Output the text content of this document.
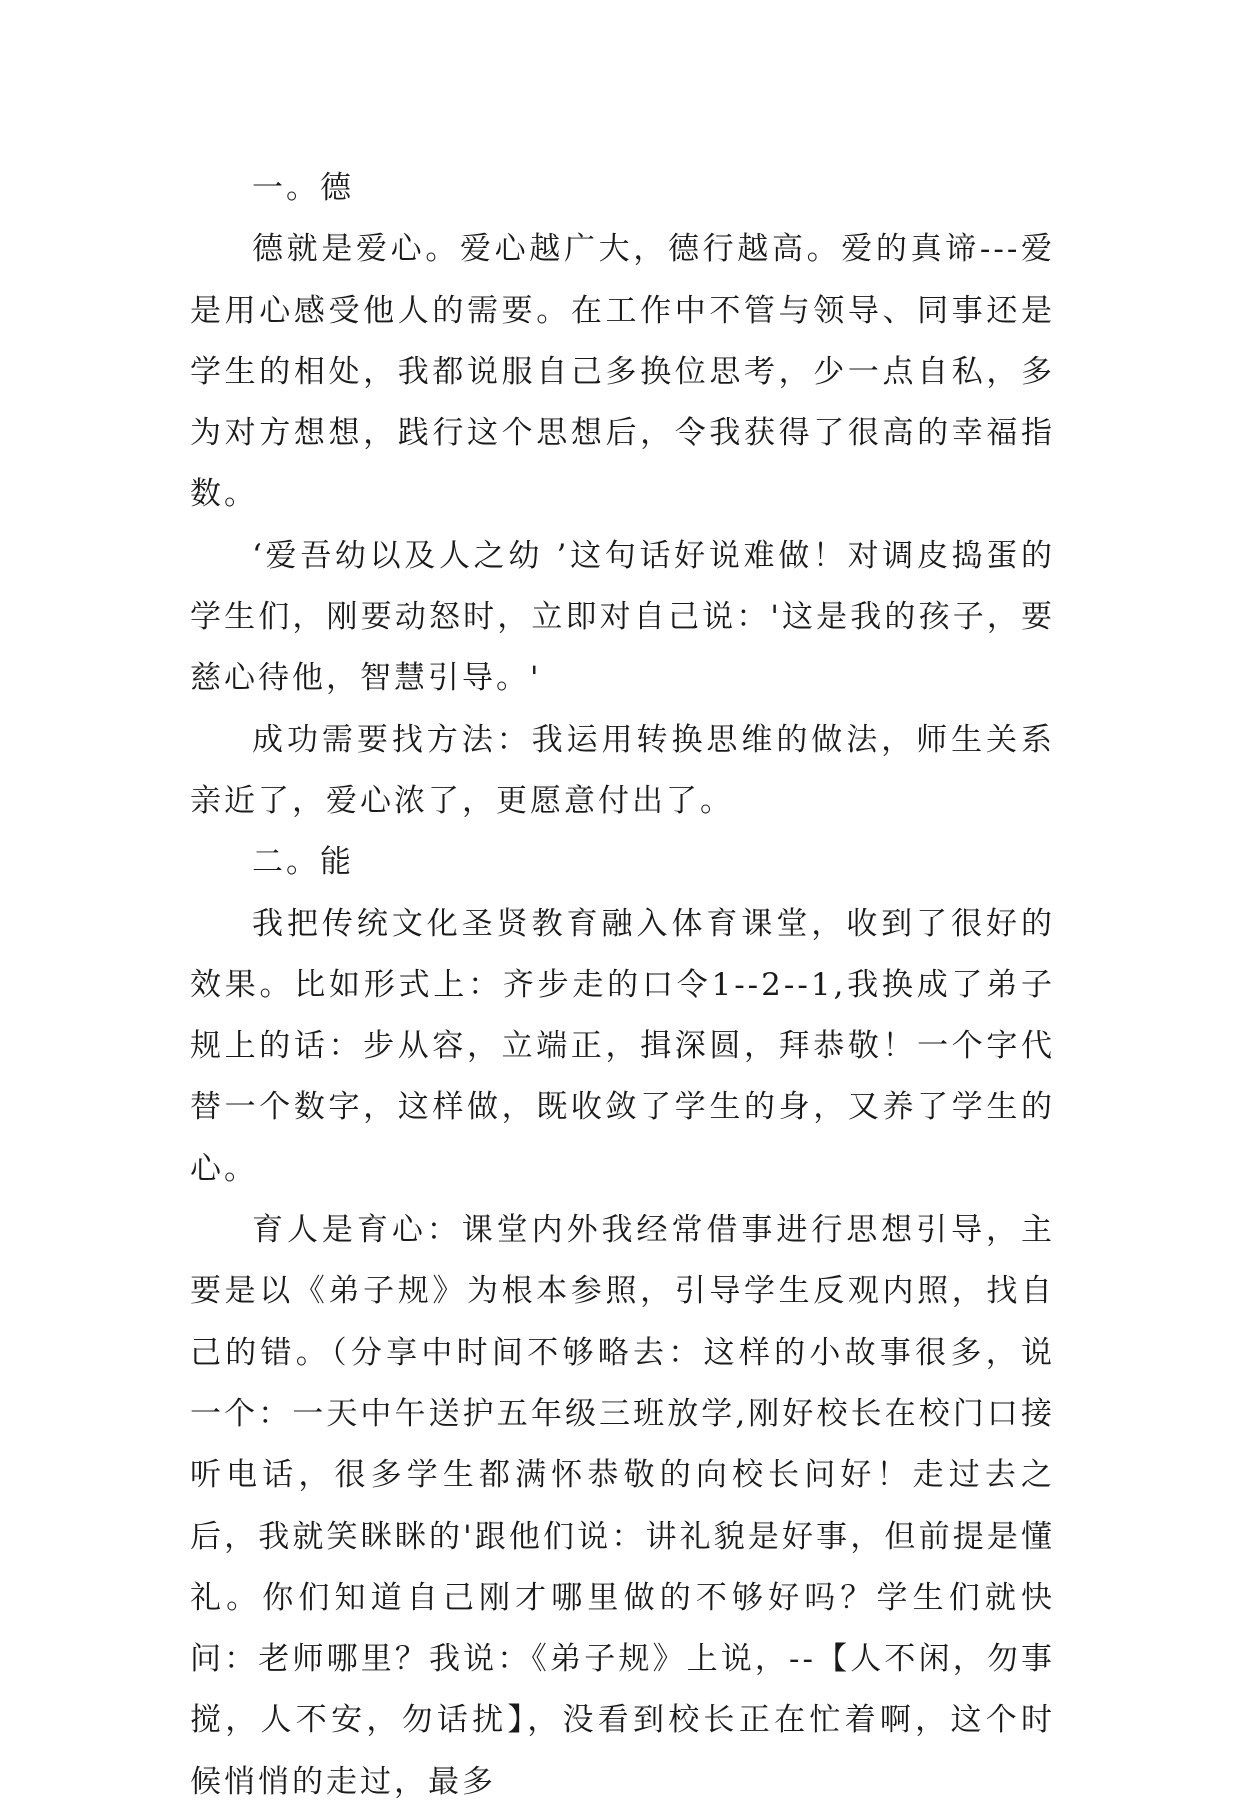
一。德

德就是爱心。爱心越广大，德行越高。爱的真谛---爱是用心感受他人的需要。在工作中不管与领导、同事还是学生的相处，我都说服自己多换位思考，少一点自私，多为对方想想，践行这个思想后，令我获得了很高的幸福指数。

‘爱吾幼以及人之幼 ’这句话好说难做！对调皮捣蛋的学生们，刚要动怒时，立即对自己说：'这是我的孩子，要慈心待他，智慧引导。'

成功需要找方法：我运用转换思维的做法，师生关系亲近了，爱心浓了，更愿意付出了。

二。能

我把传统文化圣贤教育融入体育课堂，收到了很好的效果。比如形式上：齐步走的口令1--2--1,我换成了弟子规上的话：步从容，立端正，揖深圆，拜恭敬！一个字代替一个数字，这样做，既收敛了学生的身，又养了学生的心。

育人是育心：课堂内外我经常借事进行思想引导，主要是以《弟子规》为根本参照，引导学生反观内照，找自己的错。（分享中时间不够略去：这样的小故事很多，说一个：一天中午送护五年级三班放学,刚好校长在校门口接听电话，很多学生都满怀恭敬的向校长问好！走过去之后，我就笑眯眯的'跟他们说：讲礼貌是好事，但前提是懂礼。你们知道自己刚才哪里做的不够好吗？学生们就快问：老师哪里？我说：《弟子规》上说，--【人不闲，勿事搅，人不安，勿话扰】，没看到校长正在忙着啊，这个时候悄悄的走过，最多
